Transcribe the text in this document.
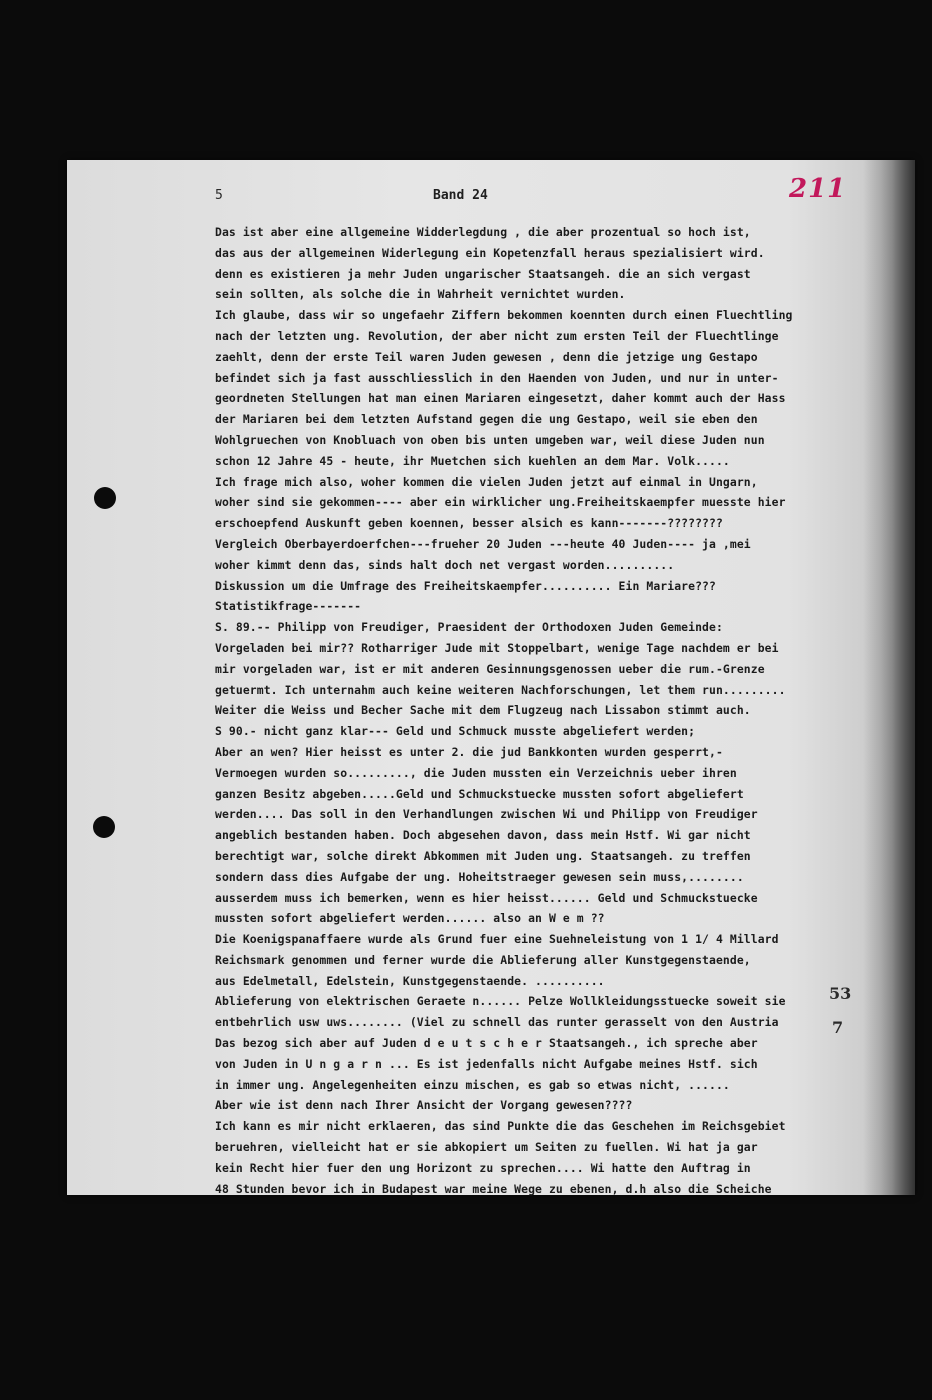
5	Band 24	211
Das ist aber eine allgemeine Widderlegdung , die aber prozentual so hoch ist,
das aus der allgemeinen Widerlegung ein Kopetenzfall heraus spezialisiert wird.
denn es existieren ja mehr Juden ungarischer Staatsangeh. die an sich vergast
sein sollten, als solche die in Wahrheit vernichtet wurden.
Ich glaube, dass wir so ungefaehr Ziffern bekommen koennten durch einen Fluechtling
nach der letzten ung. Revolution, der aber nicht zum ersten Teil der Fluechtlinge
zaehlt, denn der erste Teil waren Juden gewesen , denn die jetzige ung Gestapo
befindet sich ja fast ausschliesslich in den Haenden von Juden, und nur in unter-
geordneten Stellungen hat man einen Mariaren eingesetzt, daher kommt auch der Hass
der Mariaren bei dem letzten Aufstand gegen die ung Gestapo, weil sie eben den
Wohlgruechen von Knobluach von oben bis unten umgeben war, weil diese Juden nun
schon 12 Jahre 45 - heute, ihr Muetchen sich kuehlen an dem Mar. Volk.....
Ich frage mich also, woher kommen die vielen Juden jetzt auf einmal in Ungarn,
woher sind sie gekommen---- aber ein wirklicher ung.Freiheitskaempfer muesste hier
erschoepfend Auskunft geben koennen, besser alsich es kann-------????????
Vergleich Oberbayerdoerfchen---frueher 20 Juden ---heute 40 Juden---- ja ,mei
woher kimmt denn das, sinds halt doch net vergast worden..........
Diskussion um die Umfrage des Freiheitskaempfer.......... Ein Mariare???
Statistikfrage-------
S. 89.-- Philipp von Freudiger, Praesident der Orthodoxen Juden Gemeinde:
Vorgeladen bei mir?? Rotharriger Jude mit Stoppelbart, wenige Tage nachdem er bei
mir vorgeladen war, ist er mit anderen Gesinnungsgenossen ueber die rum.-Grenze
getuermt. Ich unternahm auch keine weiteren Nachforschungen, let them run.........
Weiter die Weiss und Becher Sache mit dem Flugzeug nach Lissabon stimmt auch.
S 90.- nicht ganz klar--- Geld und Schmuck musste abgeliefert werden;
Aber an wen? Hier heisst es unter 2. die jud Bankkonten wurden gesperrt,-
Vermoegen wurden so........., die Juden mussten ein Verzeichnis ueber ihren
ganzen Besitz abgeben.....Geld und Schmuckstuecke mussten sofort abgeliefert
werden.... Das soll in den Verhandlungen zwischen Wi und Philipp von Freudiger
angeblich bestanden haben. Doch abgesehen davon, dass mein Hstf. Wi gar nicht
berechtigt war, solche direkt Abkommen mit Juden ung. Staatsangeh. zu treffen
sondern dass dies Aufgabe der ung. Hoheitstraeger gewesen sein muss,........
ausserdem muss ich bemerken, wenn es hier heisst...... Geld und Schmuckstuecke
mussten sofort abgeliefert werden...... also an W e m ??
Die Koenigspanaffaere wurde als Grund fuer eine Suehneleistung von 1 1/ 4 Millard
Reichsmark genommen und ferner wurde die Ablieferung aller Kunstgegenstaende,
aus Edelmetall, Edelstein, Kunstgegenstaende. ..........
Ablieferung von elektrischen Geraete n...... Pelze Wollkleidungsstuecke soweit sie
entbehrlich usw uws........ (Viel zu schnell das runter gerasselt von den Austria
Das bezog sich aber auf Juden d e u t s c h e r Staatsangeh., ich spreche aber
von Juden in U n g a r n ... Es ist jedenfalls nicht Aufgabe meines Hstf. sich
in immer ung. Angelegenheiten einzu mischen, es gab so etwas nicht, ......
Aber wie ist denn nach Ihrer Ansicht der Vorgang gewesen????
Ich kann es mir nicht erklaeren, das sind Punkte die das Geschehen im Reichsgebiet
beruehren, vielleicht hat er sie abkopiert um Seiten zu fuellen. Wi hat ja gar
kein Recht hier fuer den ung Horizont zu sprechen.... Wi hatte den Auftrag in
48 Stunden bevor ich in Budapest war meine Wege zu ebenen, d.h also die Scheiche
53
7
